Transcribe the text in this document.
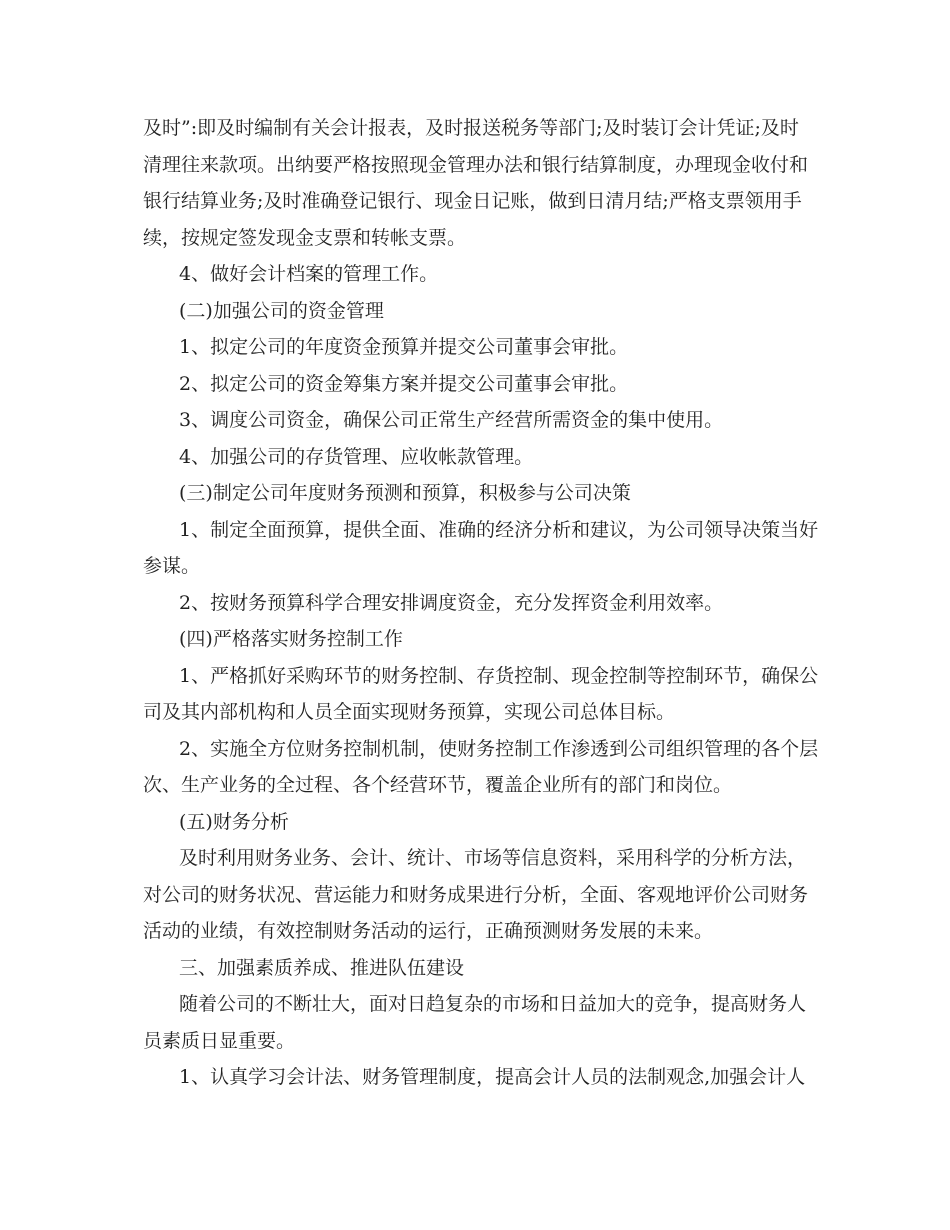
及时”:即及时编制有关会计报表，及时报送税务等部门;及时装订会计凭证;及时
清理往来款项。出纳要严格按照现金管理办法和银行结算制度，办理现金收付和
银行结算业务;及时准确登记银行、现金日记账，做到日清月结;严格支票领用手
续，按规定签发现金支票和转帐支票。
4、做好会计档案的管理工作。
(二)加强公司的资金管理
1、拟定公司的年度资金预算并提交公司董事会审批。
2、拟定公司的资金筹集方案并提交公司董事会审批。
3、调度公司资金，确保公司正常生产经营所需资金的集中使用。
4、加强公司的存货管理、应收帐款管理。
(三)制定公司年度财务预测和预算，积极参与公司决策
1、制定全面预算，提供全面、准确的经济分析和建议，为公司领导决策当好
参谋。
2、按财务预算科学合理安排调度资金，充分发挥资金利用效率。
(四)严格落实财务控制工作
1、严格抓好采购环节的财务控制、存货控制、现金控制等控制环节，确保公
司及其内部机构和人员全面实现财务预算，实现公司总体目标。
2、实施全方位财务控制机制，使财务控制工作渗透到公司组织管理的各个层
次、生产业务的全过程、各个经营环节，覆盖企业所有的部门和岗位。
(五)财务分析
及时利用财务业务、会计、统计、市场等信息资料，采用科学的分析方法，
对公司的财务状况、营运能力和财务成果进行分析，全面、客观地评价公司财务
活动的业绩，有效控制财务活动的运行，正确预测财务发展的未来。
三、加强素质养成、推进队伍建设
随着公司的不断壮大，面对日趋复杂的市场和日益加大的竞争，提高财务人
员素质日显重要。
1、认真学习会计法、财务管理制度，提高会计人员的法制观念,加强会计人
